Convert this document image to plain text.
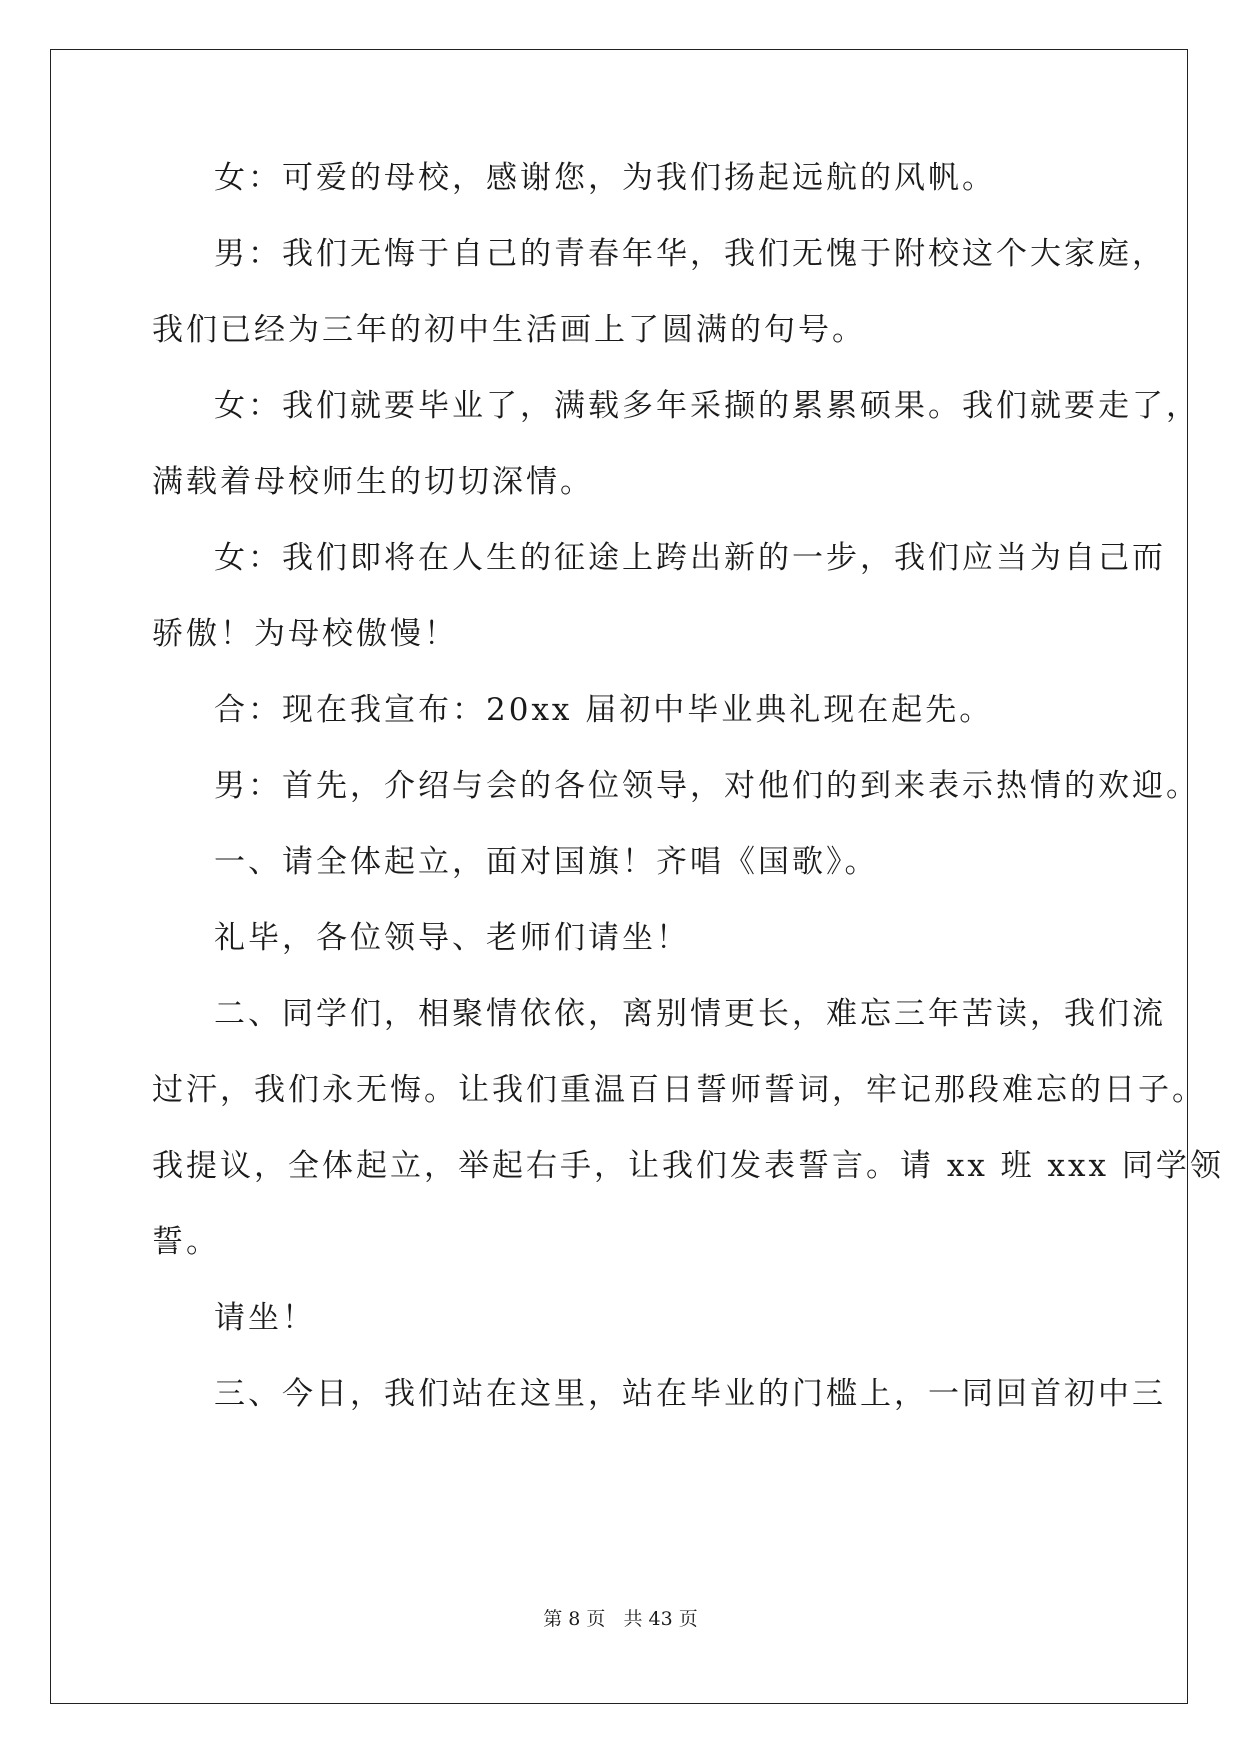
女：可爱的母校，感谢您，为我们扬起远航的风帆。
男：我们无悔于自己的青春年华，我们无愧于附校这个大家庭，
我们已经为三年的初中生活画上了圆满的句号。
女：我们就要毕业了，满载多年采撷的累累硕果。我们就要走了，
满载着母校师生的切切深情。
女：我们即将在人生的征途上跨出新的一步，我们应当为自己而
骄傲！为母校傲慢！
合：现在我宣布：20xx 届初中毕业典礼现在起先。
男：首先，介绍与会的各位领导，对他们的到来表示热情的欢迎。
一、请全体起立，面对国旗！齐唱《国歌》。
礼毕，各位领导、老师们请坐！
二、同学们，相聚情依依，离别情更长，难忘三年苦读，我们流
过汗，我们永无悔。让我们重温百日誓师誓词，牢记那段难忘的日子。
我提议，全体起立，举起右手，让我们发表誓言。请 xx 班 xxx 同学领
誓。
请坐！
三、今日，我们站在这里，站在毕业的门槛上，一同回首初中三
第 8 页 共 43 页
